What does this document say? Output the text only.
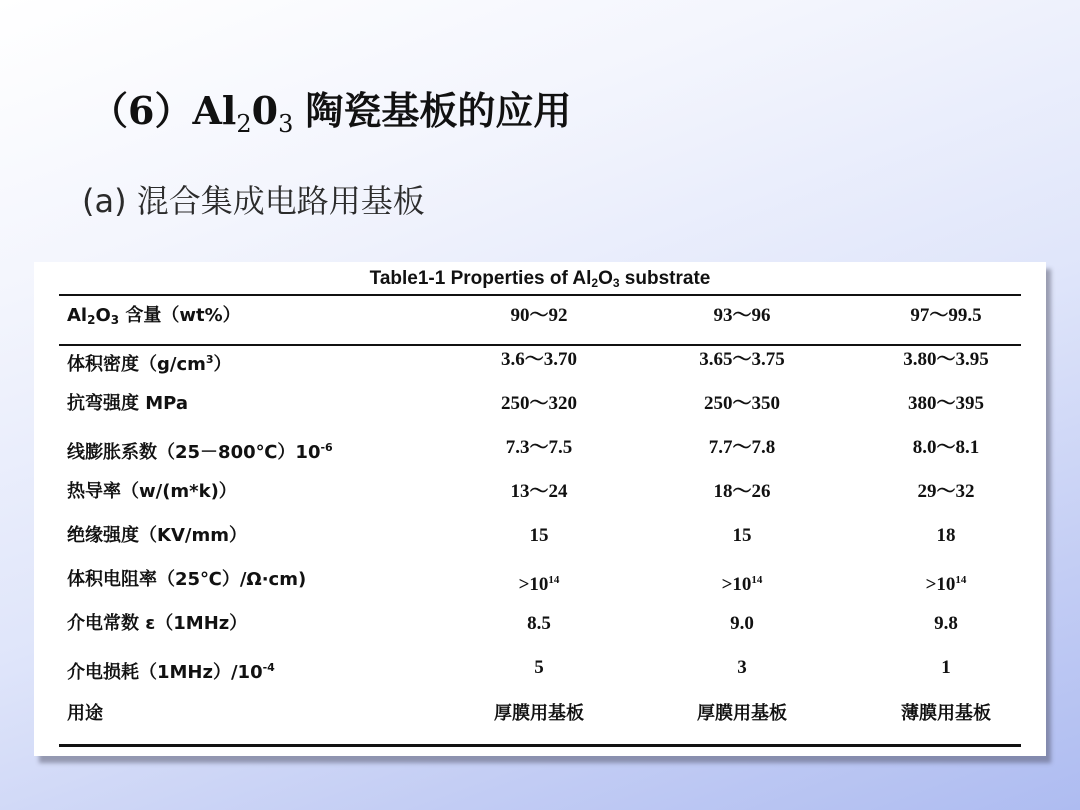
$(6)Al_20_3$ 陶瓷基板的应用
(a) 混合集成电路用基板
Table1-1 Properties of $Al_2O_3$ substrate
$Al_2O_3$ 含量（wt%）	90～92	93～96	97～99.5
体积密度$(g/cm^3)$	3.6～3.70	3.65～3.75	3.80～3.95
抗弯强度 MPa	250～320	250～350	380～395
线膨胀系数$(25-800℃)10^{-6}$	7.3～7.5	7.7～7.8	8.0～8.1
热导率（w/(m*k)）	13～24	18～26	29～32
绝缘强度（KV/mm）	15	15	18
体积电阻率（25℃）/Ω·cm)	$>10^{14}$	$>10^{14}$	$>10^{14}$
介电常数 ε（1MHz）	8.5	9.0	9.8
介电损耗$(1MHz)/10^{-4}$	5	3	1
用途	厚膜用基板	厚膜用基板	薄膜用基板
